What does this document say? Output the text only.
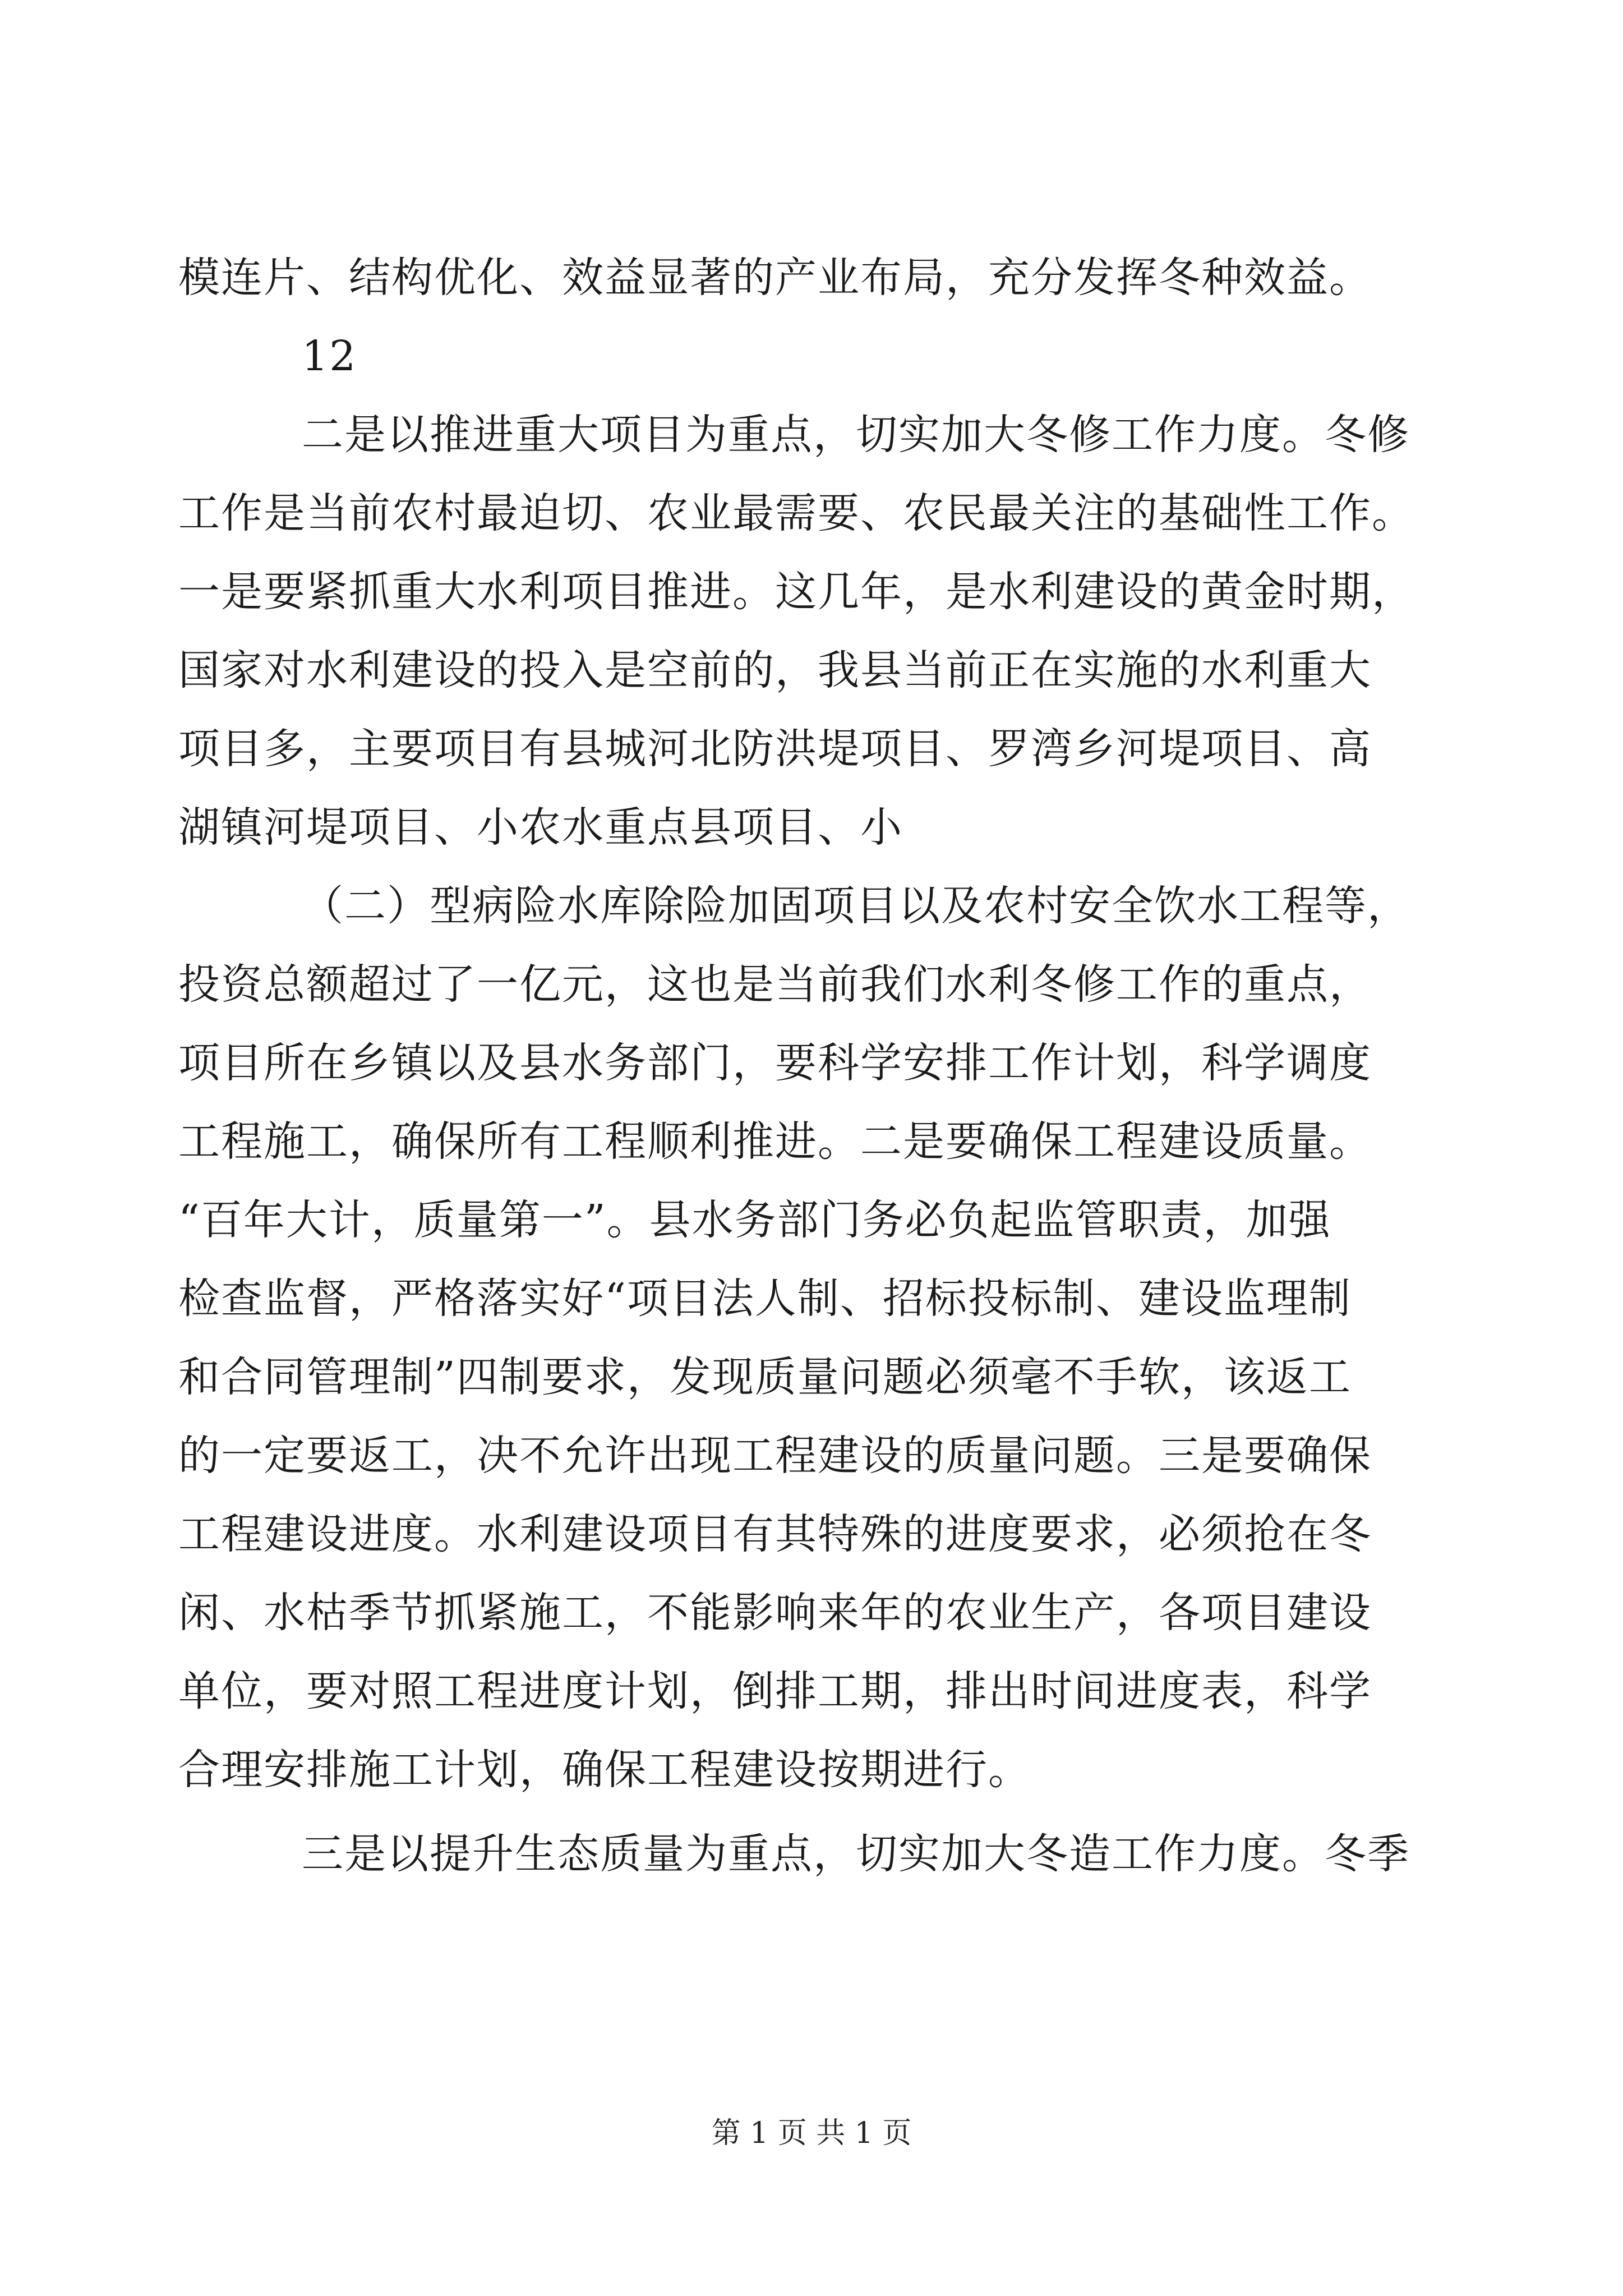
模连片、结构优化、效益显著的产业布局，充分发挥冬种效益。
12
二是以推进重大项目为重点，切实加大冬修工作力度。冬修
工作是当前农村最迫切、农业最需要、农民最关注的基础性工作。
一是要紧抓重大水利项目推进。这几年，是水利建设的黄金时期，
国家对水利建设的投入是空前的，我县当前正在实施的水利重大
项目多，主要项目有县城河北防洪堤项目、罗湾乡河堤项目、高
湖镇河堤项目、小农水重点县项目、小
（二）型病险水库除险加固项目以及农村安全饮水工程等，
投资总额超过了一亿元，这也是当前我们水利冬修工作的重点，
项目所在乡镇以及县水务部门，要科学安排工作计划，科学调度
工程施工，确保所有工程顺利推进。二是要确保工程建设质量。
“百年大计，质量第一”。县水务部门务必负起监管职责，加强
检查监督，严格落实好“项目法人制、招标投标制、建设监理制
和合同管理制”四制要求，发现质量问题必须毫不手软，该返工
的一定要返工，决不允许出现工程建设的质量问题。三是要确保
工程建设进度。水利建设项目有其特殊的进度要求，必须抢在冬
闲、水枯季节抓紧施工，不能影响来年的农业生产，各项目建设
单位，要对照工程进度计划，倒排工期，排出时间进度表，科学
合理安排施工计划，确保工程建设按期进行。
三是以提升生态质量为重点，切实加大冬造工作力度。冬季
第 1 页 共 1 页
